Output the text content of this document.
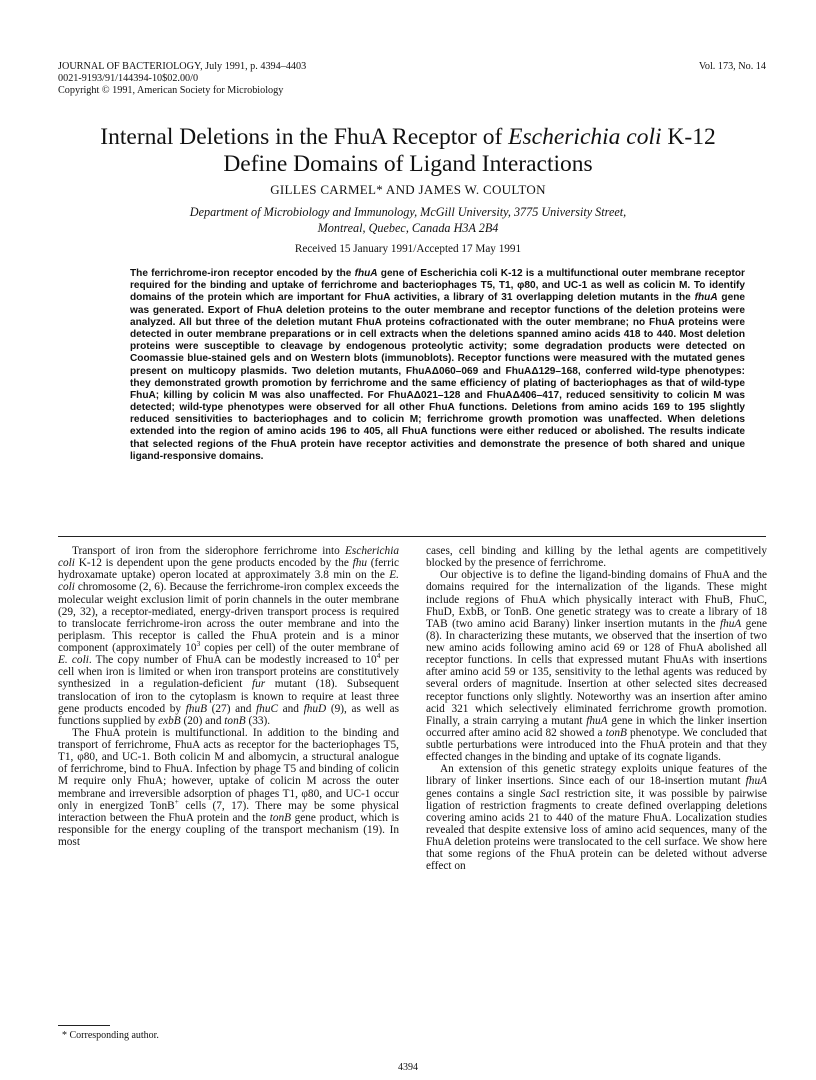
JOURNAL OF BACTERIOLOGY, July 1991, p. 4394–4403
0021-9193/91/144394-10$02.00/0
Copyright © 1991, American Society for Microbiology
Vol. 173, No. 14
Internal Deletions in the FhuA Receptor of Escherichia coli K-12
Define Domains of Ligand Interactions
GILLES CARMEL* AND JAMES W. COULTON
Department of Microbiology and Immunology, McGill University, 3775 University Street,
Montreal, Quebec, Canada H3A 2B4
Received 15 January 1991/Accepted 17 May 1991
The ferrichrome-iron receptor encoded by the fhuA gene of Escherichia coli K-12 is a multifunctional outer membrane receptor required for the binding and uptake of ferrichrome and bacteriophages T5, T1, φ80, and UC-1 as well as colicin M. To identify domains of the protein which are important for FhuA activities, a library of 31 overlapping deletion mutants in the fhuA gene was generated. Export of FhuA deletion proteins to the outer membrane and receptor functions of the deletion proteins were analyzed. All but three of the deletion mutant FhuA proteins cofractionated with the outer membrane; no FhuA proteins were detected in outer membrane preparations or in cell extracts when the deletions spanned amino acids 418 to 440. Most deletion proteins were susceptible to cleavage by endogenous proteolytic activity; some degradation products were detected on Coomassie blue-stained gels and on Western blots (immunoblots). Receptor functions were measured with the mutated genes present on multicopy plasmids. Two deletion mutants, FhuAΔ060–069 and FhuAΔ129–168, conferred wild-type phenotypes: they demonstrated growth promotion by ferrichrome and the same efficiency of plating of bacteriophages as that of wild-type FhuA; killing by colicin M was also unaffected. For FhuAΔ021–128 and FhuAΔ406–417, reduced sensitivity to colicin M was detected; wild-type phenotypes were observed for all other FhuA functions. Deletions from amino acids 169 to 195 slightly reduced sensitivities to bacteriophages and to colicin M; ferrichrome growth promotion was unaffected. When deletions extended into the region of amino acids 196 to 405, all FhuA functions were either reduced or abolished. The results indicate that selected regions of the FhuA protein have receptor activities and demonstrate the presence of both shared and unique ligand-responsive domains.

Transport of iron from the siderophore ferrichrome into Escherichia coli K-12 is dependent upon the gene products encoded by the fhu (ferric hydroxamate uptake) operon located at approximately 3.8 min on the E. coli chromosome (2, 6). Because the ferrichrome-iron complex exceeds the molecular weight exclusion limit of porin channels in the outer membrane (29, 32), a receptor-mediated, energy-driven transport process is required to translocate ferrichrome-iron across the outer membrane and into the periplasm. This receptor is called the FhuA protein and is a minor component (approximately $10^3$ copies per cell) of the outer membrane of E. coli. The copy number of FhuA can be modestly increased to $10^4$ per cell when iron is limited or when iron transport proteins are constitutively synthesized in a regulation-deficient fur mutant (18). Subsequent translocation of iron to the cytoplasm is known to require at least three gene products encoded by fhuB (27) and fhuC and fhuD (9), as well as functions supplied by exbB (20) and tonB (33).

The FhuA protein is multifunctional. In addition to the binding and transport of ferrichrome, FhuA acts as receptor for the bacteriophages T5, T1, φ80, and UC-1. Both colicin M and albomycin, a structural analogue of ferrichrome, bind to FhuA. Infection by phage T5 and binding of colicin M require only FhuA; however, uptake of colicin M across the outer membrane and irreversible adsorption of phages T1, φ80, and UC-1 occur only in energized TonB+ cells (7, 17). There may be some physical interaction between the FhuA protein and the tonB gene product, which is responsible for the energy coupling of the transport mechanism (19). In most

cases, cell binding and killing by the lethal agents are competitively blocked by the presence of ferrichrome.

Our objective is to define the ligand-binding domains of FhuA and the domains required for the internalization of the ligands. These might include regions of FhuA which physically interact with FhuB, FhuC, FhuD, ExbB, or TonB. One genetic strategy was to create a library of 18 TAB (two amino acid Barany) linker insertion mutants in the fhuA gene (8). In characterizing these mutants, we observed that the insertion of two new amino acids following amino acid 69 or 128 of FhuA abolished all receptor functions. In cells that expressed mutant FhuAs with insertions after amino acid 59 or 135, sensitivity to the lethal agents was reduced by several orders of magnitude. Insertion at other selected sites decreased receptor functions only slightly. Noteworthy was an insertion after amino acid 321 which selectively eliminated ferrichrome growth promotion. Finally, a strain carrying a mutant fhuA gene in which the linker insertion occurred after amino acid 82 showed a tonB phenotype. We concluded that subtle perturbations were introduced into the FhuA protein and that they effected changes in the binding and uptake of its cognate ligands.

An extension of this genetic strategy exploits unique features of the library of linker insertions. Since each of our 18-insertion mutant fhuA genes contains a single SacI restriction site, it was possible by pairwise ligation of restriction fragments to create defined overlapping deletions covering amino acids 21 to 440 of the mature FhuA. Localization studies revealed that despite extensive loss of amino acid sequences, many of the FhuA deletion proteins were translocated to the cell surface. We show here that some regions of the FhuA protein can be deleted without adverse effect on

* Corresponding author.
4394
